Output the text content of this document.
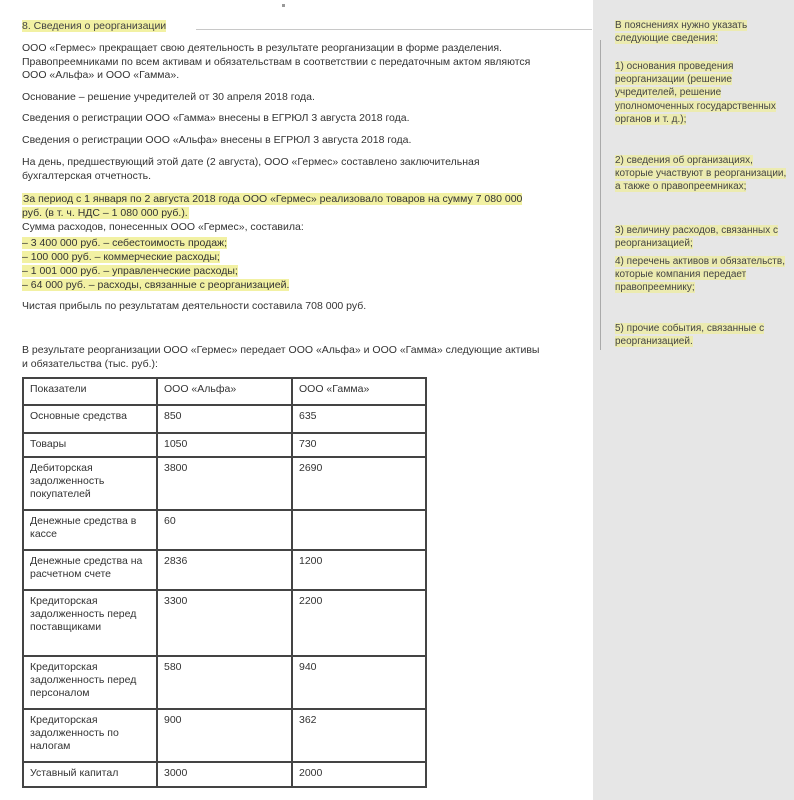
8. Сведения о реорганизации

ООО «Гермес» прекращает свою деятельность в результате реорганизации в форме разделения. Правопреемниками по всем активам и обязательствам в соответствии с передаточным актом являются ООО «Альфа» и ООО «Гамма».

Основание – решение учредителей от 30 апреля 2018 года.

Сведения о регистрации ООО «Гамма» внесены в ЕГРЮЛ 3 августа 2018 года.

Сведения о регистрации ООО «Альфа» внесены в ЕГРЮЛ 3 августа 2018 года.

На день, предшествующий этой дате (2 августа), ООО «Гермес» составлено заключительная бухгалтерская отчетность.

За период с 1 января по 2 августа 2018 года ООО «Гермес» реализовало товаров на сумму 7 080 000 руб. (в т. ч. НДС – 1 080 000 руб.).

Сумма расходов, понесенных ООО «Гермес», составила:

– 3 400 000 руб. – себестоимость продаж;
– 100 000 руб. – коммерческие расходы;
– 1 001 000 руб. – управленческие расходы;
– 64 000 руб. – расходы, связанные с реорганизацией.

Чистая прибыль по результатам деятельности составила 708 000 руб.

В результате реорганизации ООО «Гермес» передает ООО «Альфа» и ООО «Гамма» следующие активы и обязательства (тыс. руб.):

Показатели	ООО «Альфа»	ООО «Гамма»
Основные средства	850	635
Товары	1050	730
Дебиторская задолженность покупателей	3800	2690
Денежные средства в кассе	60	
Денежные средства на расчетном счете	2836	1200
Кредиторская задолженность перед поставщиками	3300	2200
Кредиторская задолженность перед персоналом	580	940
Кредиторская задолженность по налогам	900	362
Уставный капитал	3000	2000

В пояснениях нужно указать следующие сведения:

1) основания проведения реорганизации (решение учредителей, решение уполномоченных государственных органов и т. д.);

2) сведения об организациях, которые участвуют в реорганизации, а также о правопреемниках;

3) величину расходов, связанных с реорганизацией;

4) перечень активов и обязательств, которые компания передает правопреемнику;

5) прочие события, связанные с реорганизацией.
